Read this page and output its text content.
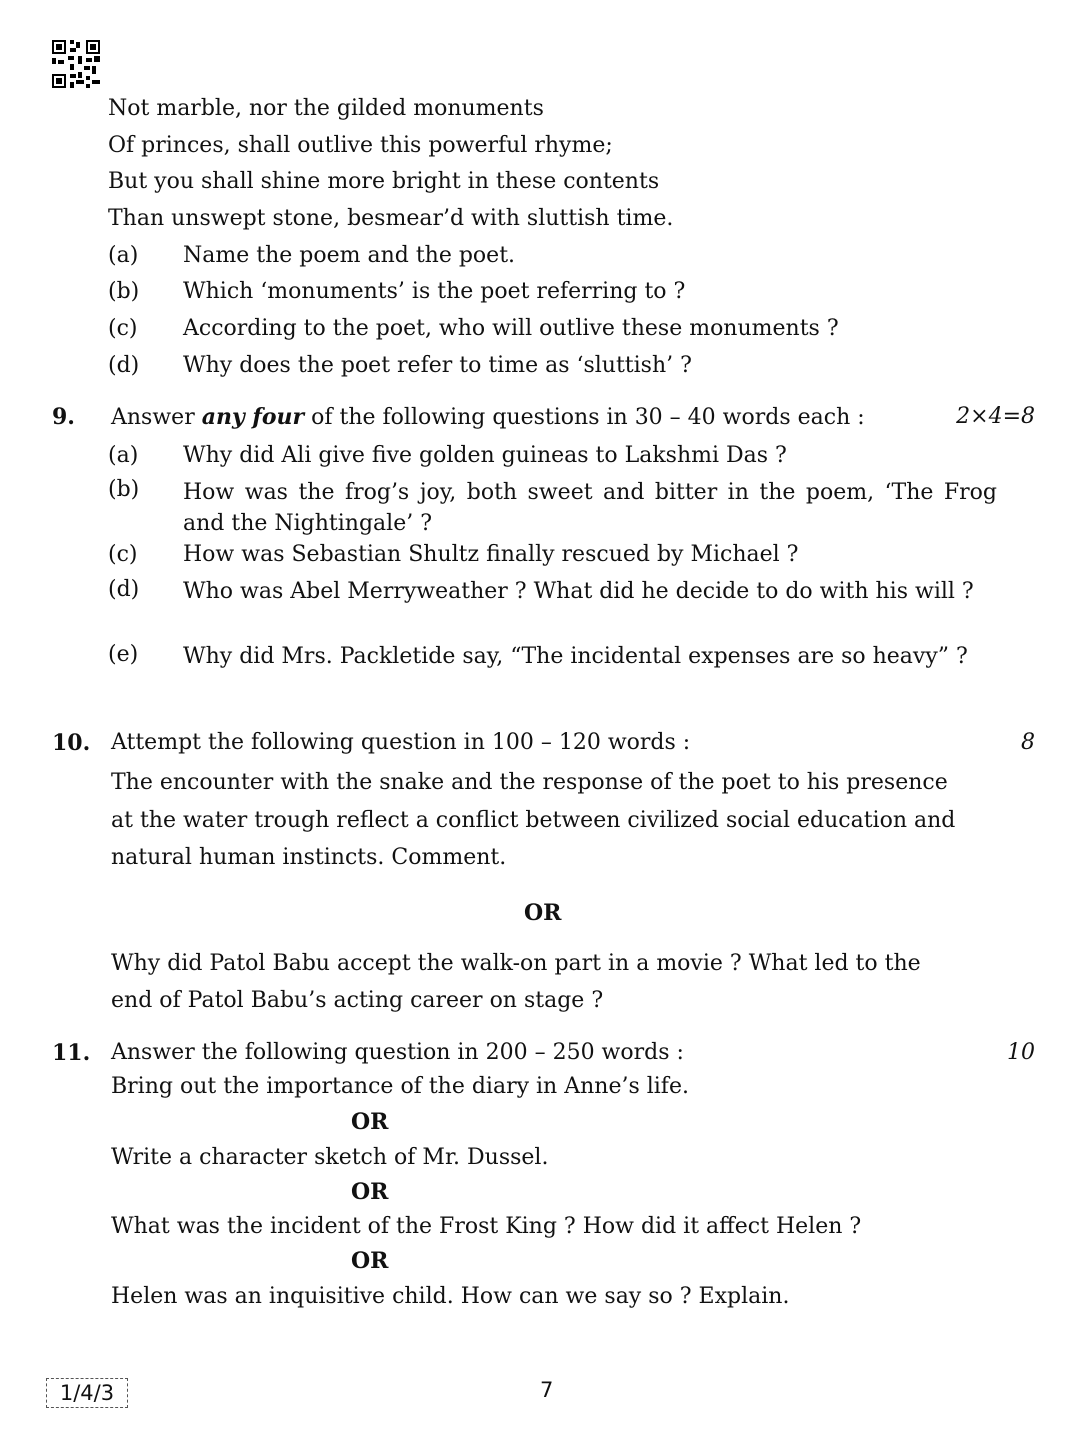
Not marble, nor the gilded monuments
Of princes, shall outlive this powerful rhyme;
But you shall shine more bright in these contents
Than unswept stone, besmear’d with sluttish time.
(a) Name the poem and the poet.
(b) Which ‘monuments’ is the poet referring to ?
(c) According to the poet, who will outlive these monuments ?
(d) Why does the poet refer to time as ‘sluttish’ ?
9. Answer any four of the following questions in 30 – 40 words each :	2×4=8
(a) Why did Ali give five golden guineas to Lakshmi Das ?
(b) How was the frog’s joy, both sweet and bitter in the poem, ‘The Frog and the Nightingale’ ?
(c) How was Sebastian Shultz finally rescued by Michael ?
(d) Who was Abel Merryweather ? What did he decide to do with his will ?
(e) Why did Mrs. Packletide say, “The incidental expenses are so heavy” ?
10. Attempt the following question in 100 – 120 words :	8
The encounter with the snake and the response of the poet to his presence
at the water trough reflect a conflict between civilized social education and
natural human instincts. Comment.
OR
Why did Patol Babu accept the walk-on part in a movie ? What led to the
end of Patol Babu’s acting career on stage ?
11. Answer the following question in 200 – 250 words :	10
Bring out the importance of the diary in Anne’s life.
OR
Write a character sketch of Mr. Dussel.
OR
What was the incident of the Frost King ? How did it affect Helen ?
OR
Helen was an inquisitive child. How can we say so ? Explain.
1/4/3	7
